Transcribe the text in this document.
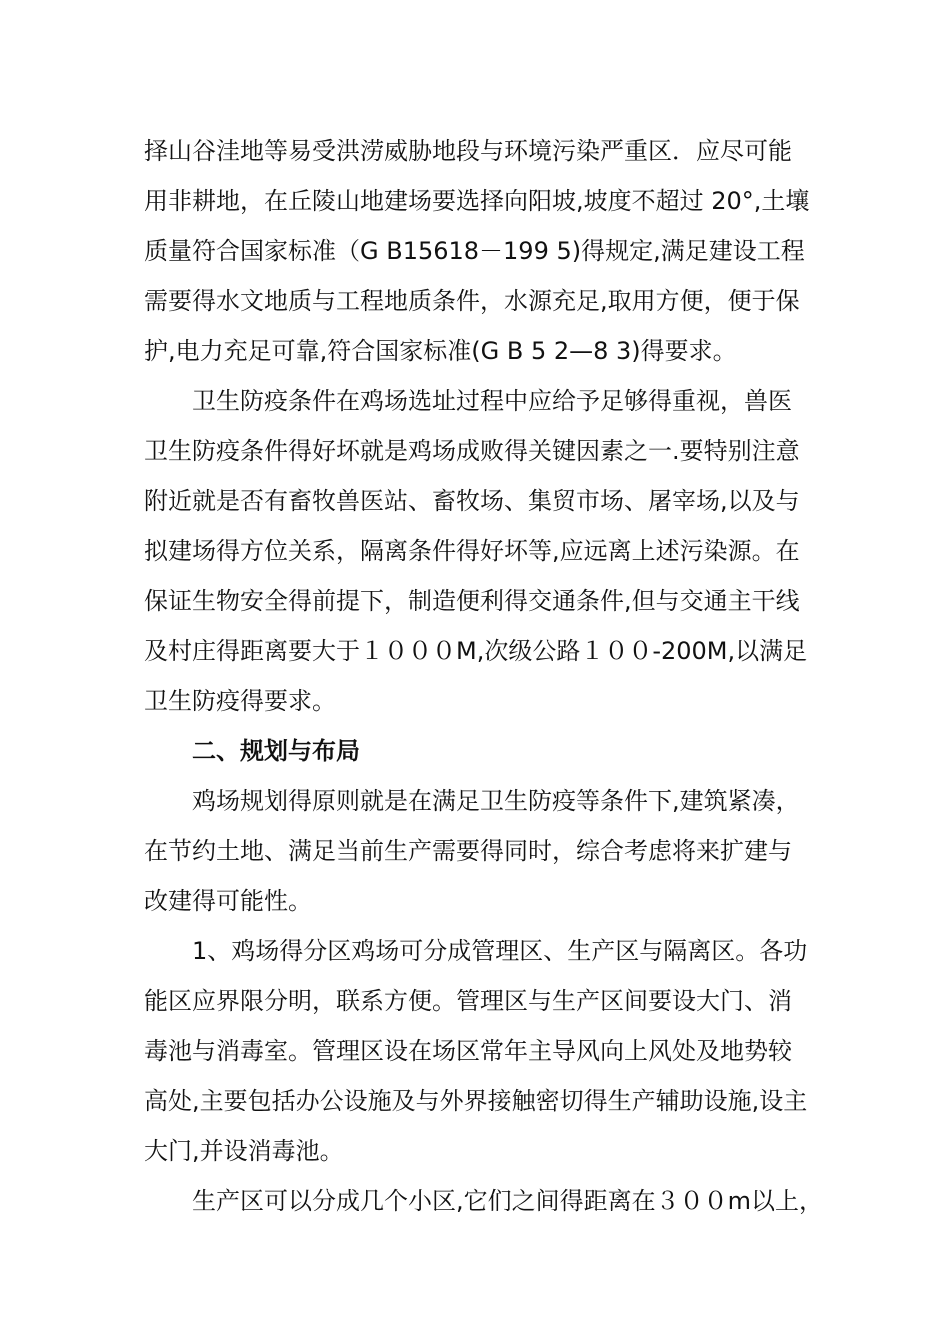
择山谷洼地等易受洪涝威胁地段与环境污染严重区．应尽可能
用非耕地，在丘陵山地建场要选择向阳坡,坡度不超过 20°,土壤
质量符合国家标准（G B15618－199 5)得规定,满足建设工程
需要得水文地质与工程地质条件，水源充足,取用方便，便于保
护,电力充足可靠,符合国家标准(G B 5 2—8 3)得要求。
卫生防疫条件在鸡场选址过程中应给予足够得重视，兽医
卫生防疫条件得好坏就是鸡场成败得关键因素之一.要特别注意
附近就是否有畜牧兽医站、畜牧场、集贸市场、屠宰场,以及与
拟建场得方位关系，隔离条件得好坏等,应远离上述污染源。在
保证生物安全得前提下，制造便利得交通条件,但与交通主干线
及村庄得距离要大于１０００M,次级公路１００-200M,以满足
卫生防疫得要求。
二、规划与布局
鸡场规划得原则就是在满足卫生防疫等条件下,建筑紧凑，
在节约土地、满足当前生产需要得同时，综合考虑将来扩建与
改建得可能性。
1、鸡场得分区鸡场可分成管理区、生产区与隔离区。各功
能区应界限分明，联系方便。管理区与生产区间要设大门、消
毒池与消毒室。管理区设在场区常年主导风向上风处及地势较
高处,主要包括办公设施及与外界接触密切得生产辅助设施,设主
大门,并设消毒池。
生产区可以分成几个小区,它们之间得距离在３００m以上，
